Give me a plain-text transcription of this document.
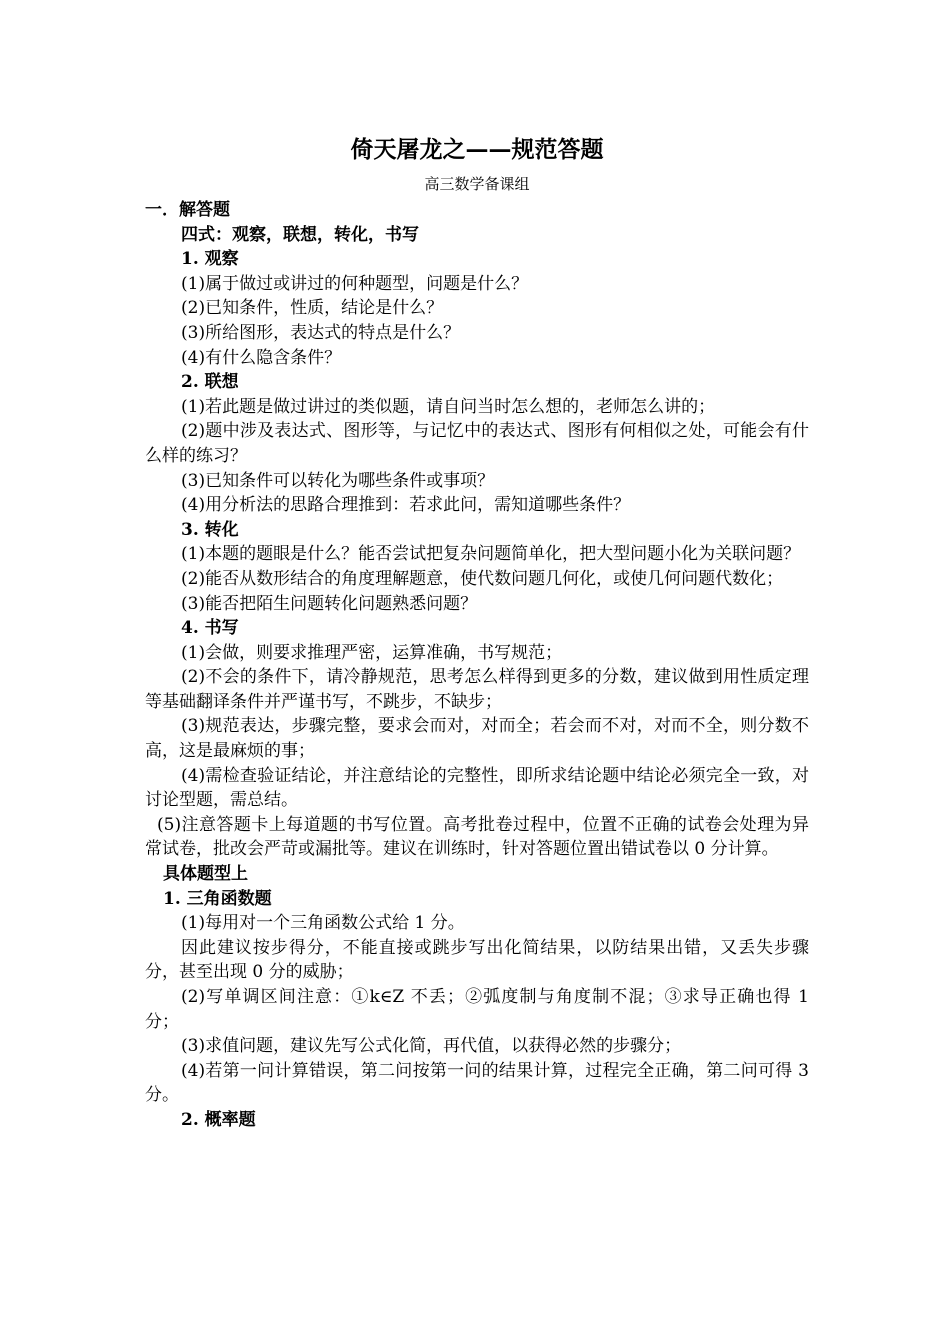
倚天屠龙之——规范答题
高三数学备课组

一．解答题

四式：观察，联想，转化，书写

1. 观察

(1)属于做过或讲过的何种题型，问题是什么？

(2)已知条件，性质，结论是什么？

(3)所给图形，表达式的特点是什么？

(4)有什么隐含条件？

2. 联想

(1)若此题是做过讲过的类似题，请自问当时怎么想的，老师怎么讲的；

(2)题中涉及表达式、图形等，与记忆中的表达式、图形有何相似之处，可能会有什么样的练习？

(3)已知条件可以转化为哪些条件或事项？

(4)用分析法的思路合理推到：若求此问，需知道哪些条件？

3. 转化

(1)本题的题眼是什么？能否尝试把复杂问题简单化，把大型问题小化为关联问题？

(2)能否从数形结合的角度理解题意，使代数问题几何化，或使几何问题代数化；

(3)能否把陌生问题转化问题熟悉问题？

4. 书写

(1)会做，则要求推理严密，运算准确，书写规范；

(2)不会的条件下，请冷静规范，思考怎么样得到更多的分数，建议做到用性质定理等基础翻译条件并严谨书写，不跳步，不缺步；

(3)规范表达，步骤完整，要求会而对，对而全；若会而不对，对而不全，则分数不高，这是最麻烦的事；

(4)需检查验证结论，并注意结论的完整性，即所求结论题中结论必须完全一致，对讨论型题，需总结。

(5)注意答题卡上每道题的书写位置。高考批卷过程中，位置不正确的试卷会处理为异常试卷，批改会严苛或漏批等。建议在训练时，针对答题位置出错试卷以 0 分计算。

具体题型上

1. 三角函数题

(1)每用对一个三角函数公式给 1 分。

因此建议按步得分，不能直接或跳步写出化简结果，以防结果出错，又丢失步骤分，甚至出现 0 分的威胁；

(2)写单调区间注意：①k∈Z 不丢；②弧度制与角度制不混；③求导正确也得 1 分；

(3)求值问题，建议先写公式化简，再代值，以获得必然的步骤分；

(4)若第一问计算错误，第二问按第一问的结果计算，过程完全正确，第二问可得 3 分。

2. 概率题
